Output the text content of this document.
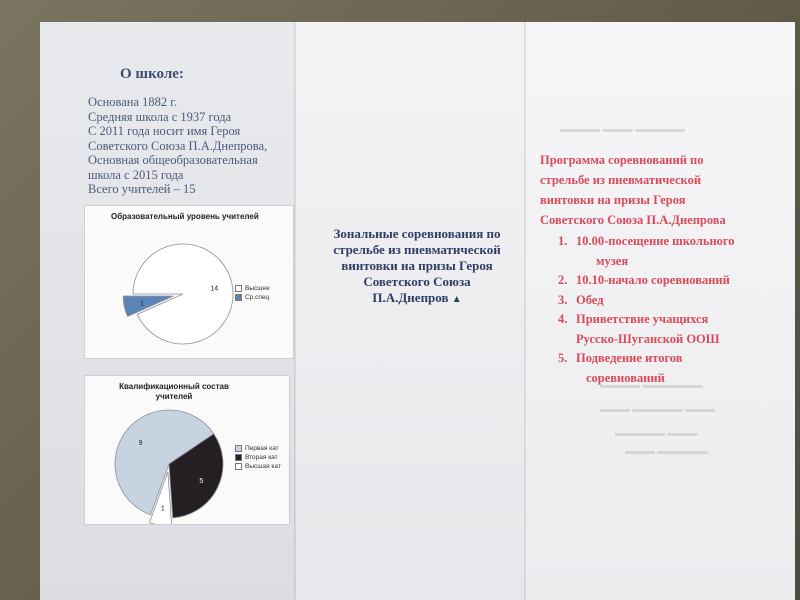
▬▬▬▬ ▬▬▬ ▬▬▬▬▬
▬▬▬▬ ▬▬▬▬▬▬
▬▬▬ ▬▬▬▬▬ ▬▬▬
▬▬▬▬▬ ▬▬▬
▬▬▬ ▬▬▬▬▬
О школе:
Основана 1882 г.
Средняя школа с 1937 года
С 2011 года носит имя Героя
Советского Союза П.А.Днепрова,
Основная общеобразовательная
школа с 2015 года
Всего учителей – 15
Образовательный уровень учителей
14
1
Высшее
Ср.спец
Квалификационный состав учителей
9
5
1
Первая кат
Вторая кат
Высшая кат
Зональные соревнования по
стрельбе из пневматической
винтовки на призы Героя
Советского Союза
П.А.Днепров ▲
Программа соревнований по
стрельбе из пневматической
винтовки на призы Героя
Советского Союза П.А.Днепрова
1. 10.00-посещение школьного
музея
2. 10.10-начало соревнований
3. Обед
4. Приветствие учащихся
Русско-Шуганской ООШ
5. Подведение итогов
соревнований
